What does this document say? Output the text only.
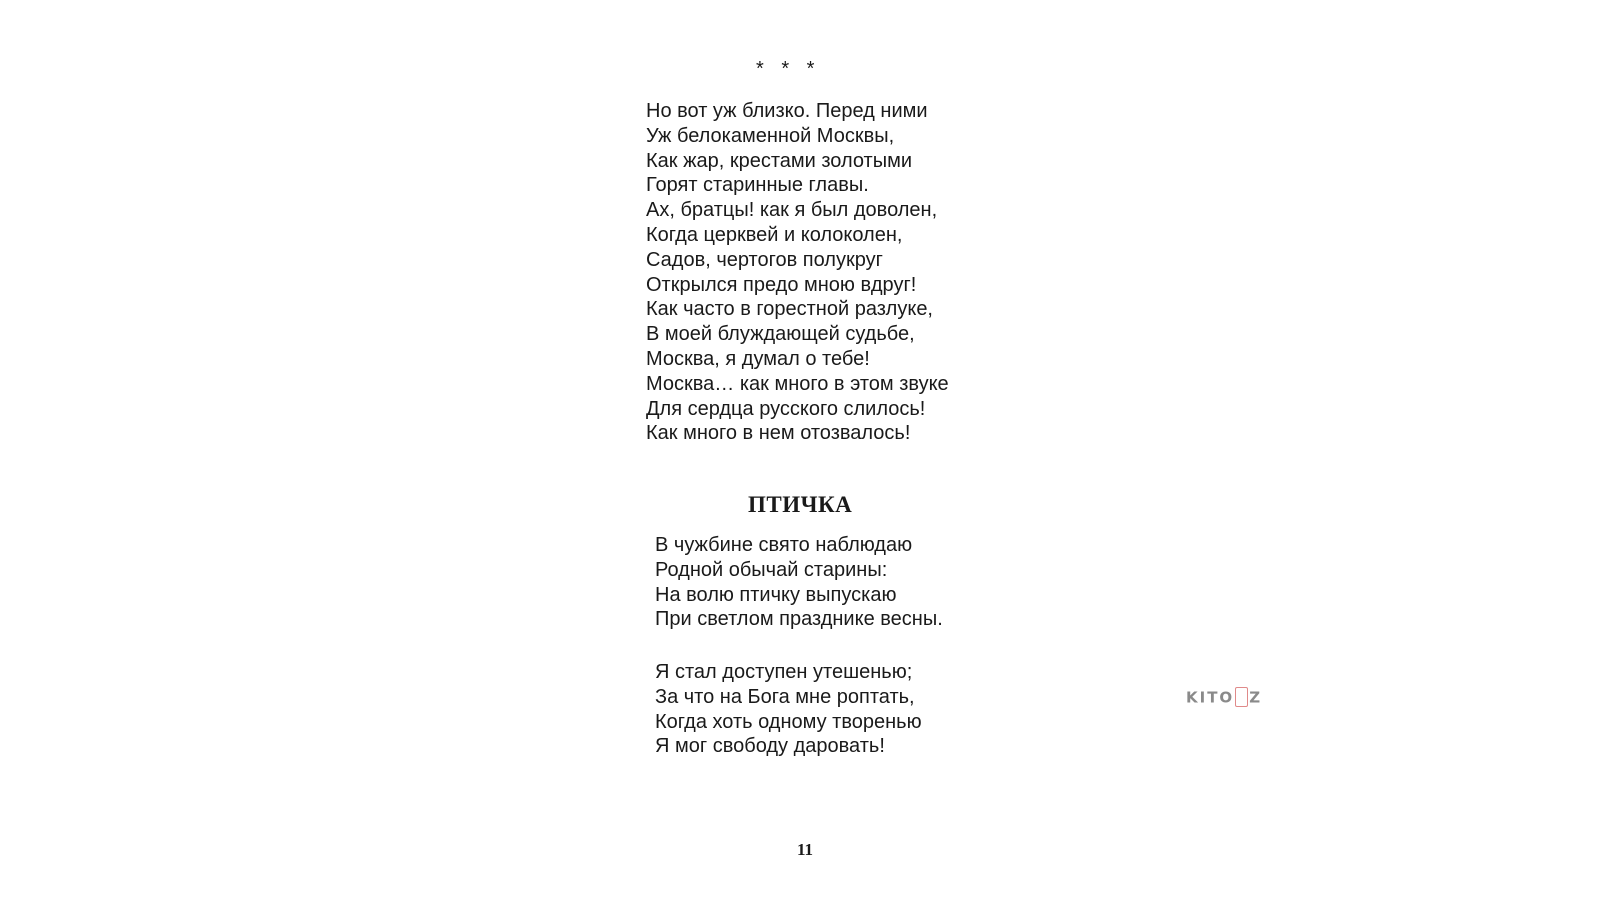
* * *
Но вот уж близко. Перед ними
Уж белокаменной Москвы,
Как жар, крестами золотыми
Горят старинные главы.
Ах, братцы! как я был доволен,
Когда церквей и колоколен,
Садов, чертогов полукруг
Открылся предо мною вдруг!
Как часто в горестной разлуке,
В моей блуждающей судьбе,
Москва, я думал о тебе!
Москва… как много в этом звуке
Для сердца русского слилось!
Как много в нем отозвалось!
ПТИЧКА
В чужбине свято наблюдаю
Родной обычай старины:
На волю птичку выпускаю
При светлом празднике весны.
Я стал доступен утешенью;
За что на Бога мне роптать,
Когда хоть одному творенью
Я мог свободу даровать!
11
KITO Z
